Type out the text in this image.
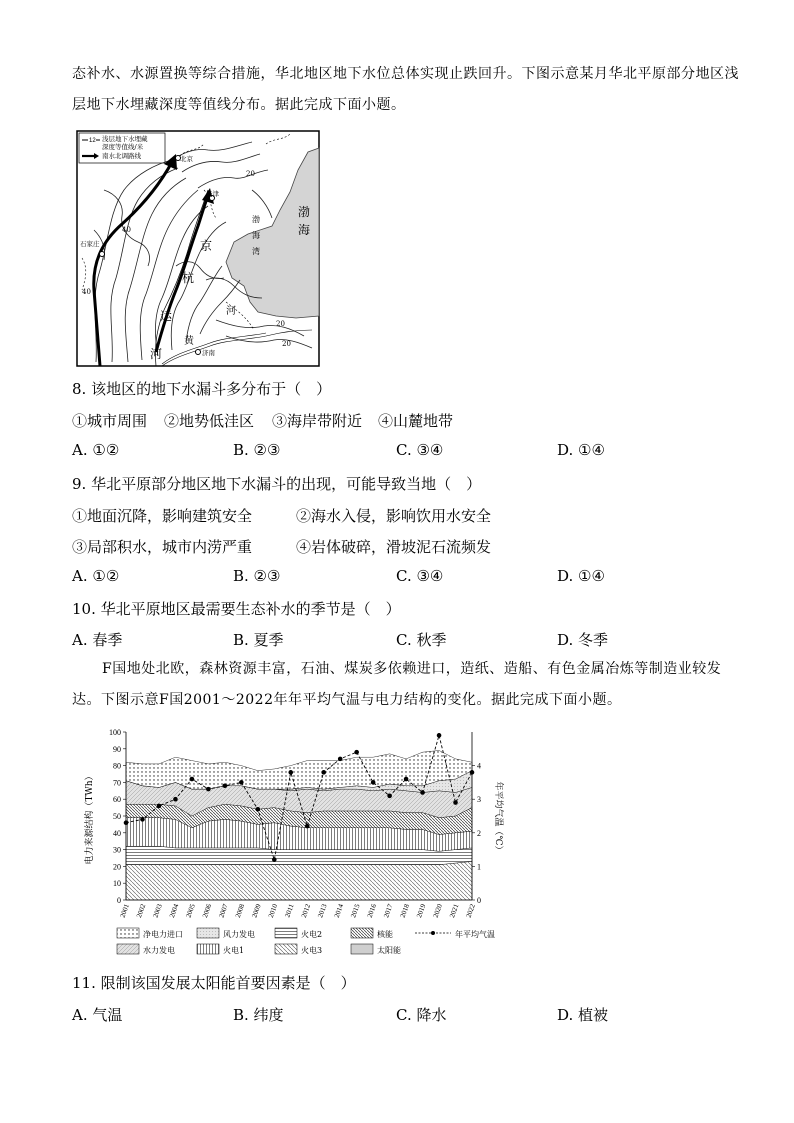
态补水、水源置换等综合措施，华北地区地下水位总体实现止跌回升。下图示意某月华北平原部分地区浅
层地下水埋藏深度等值线分布。据此完成下面小题。
12 浅层地下水埋藏
深度等值线/米
南水北调路线	北京
天津
石家庄
济南
渤
海
渤
海
湾
京
杭
运
河
黄
河
40
40
20
20
20
8. 该地区的地下水漏斗多分布于（　）
①城市周围 ②地势低洼区 ③海岸带附近 ④山麓地带
A. ①②	B. ②③	C. ③④	D. ①④
9. 华北平原部分地区地下水漏斗的出现，可能导致当地（　）
①地面沉降，影响建筑安全	②海水入侵，影响饮用水安全
③局部积水，城市内涝严重	④岩体破碎，滑坡泥石流频发
A. ①②	B. ②③	C. ③④	D. ①④
10. 华北平原地区最需要生态补水的季节是（　）
A. 春季	B. 夏季	C. 秋季	D. 冬季
F国地处北欧，森林资源丰富，石油、煤炭多依赖进口，造纸、造船、有色金属冶炼等制造业较发
达。下图示意F国2001～2022年年平均气温与电力结构的变化。据此完成下面小题。
0
10
20
30
40
50
60
70
80
90
100
0
1
2
3
4
2001 2002 2003 2004 2005 2006 2007 2008 2009 2010 2011 2012 2013 2014 2015 2016 2017 2018 2019 2020 2021 2022
电力来源结构（TWh）	年平均气温（℃）
净电力进口	风力发电	火电2	核能	年平均气温
水力发电	火电1	火电3	太阳能
11. 限制该国发展太阳能首要因素是（　）
A. 气温	B. 纬度	C. 降水	D. 植被
